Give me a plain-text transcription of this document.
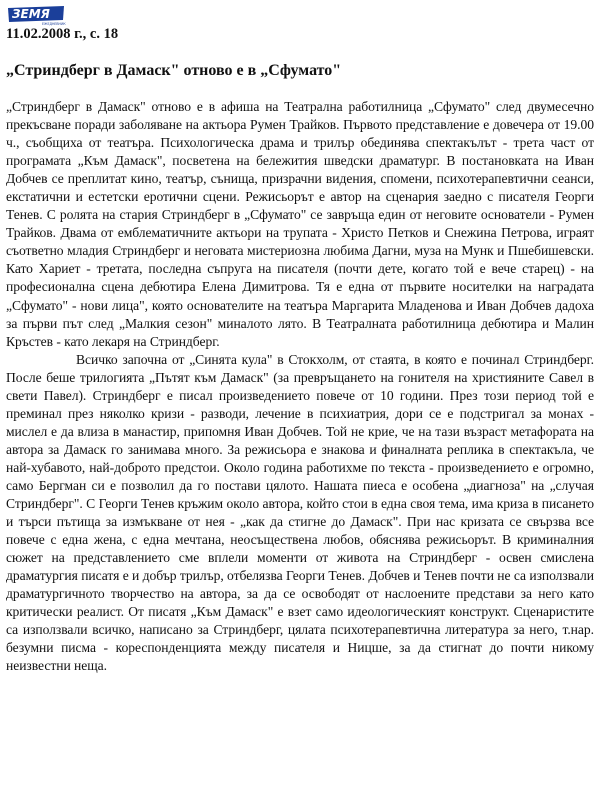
ЗЕМЯ
ЕЖЕДНЕВНИК
11.02.2008 г., с. 18
„Стриндберг в Дамаск" отново е в „Сфумато"

„Стриндберг в Дамаск" отново е в афиша на Театрална работилница „Сфумато" след двумесечно прекъсване поради заболяване на актьора Румен Трайков. Първото представление е довечера от 19.00 ч., съобщиха от театъра. Психологическа драма и трилър обединява спектакълът - трета част от програмата „Към Дамаск", посветена на бележития шведски драматург. В постановката на Иван Добчев се преплитат кино, театър, сънища, призрачни видения, спомени, психотерапевтични сеанси, екстатични и естетски еротични сцени. Режисьорът е автор на сценария заедно с писателя Георги Тенев. С ролята на стария Стриндберг в „Сфумато" се завръща един от неговите основатели - Румен Трайков. Двама от емблематичните актьори на трупата - Христо Петков и Снежина Петрова, играят съответно младия Стриндберг и неговата мистериозна любима Дагни, муза на Мунк и Пшебишевски. Като Хариет - третата, последна съпруга на писателя (почти дете, когато той е вече старец) - на професионална сцена дебютира Елена Димитрова. Тя е една от първите носителки на наградата „Сфумато" - нови лица", която основателите на театъра Маргарита Младенова и Иван Добчев дадоха за първи път след „Малкия сезон" миналото лято. В Театралната работилница дебютира и Малин Кръстев - като лекаря на Стриндберг.

Всичко започна от „Синята кула" в Стокхолм, от стаята, в която е починал Стриндберг. После беше трилогията „Пътят към Дамаск" (за превръщането на гонителя на християните Савел в свети Павел). Стриндберг е писал произведението повече от 10 години. През този период той е преминал през няколко кризи - разводи, лечение в психиатрия, дори се е подстригал за монах - мислел е да влиза в манастир, припомня Иван Добчев. Той не крие, че на тази възраст метафората на автора за Дамаск го занимава много. За режисьора е знакова и финалната реплика в спектакъла, че най-хубавото, най-доброто предстои. Около година работихме по текста - произведението е огромно, само Бергман си е позволил да го постави цялото. Нашата пиеса е особена „диагноза" на „случая Стриндберг". С Георги Тенев кръжим около автора, който стои в една своя тема, има криза в писането и търси пътища за измъкване от нея - „как да стигне до Дамаск". При нас кризата се свързва все повече с една жена, с една мечтана, неосъществена любов, обяснява режисьорът. В криминалния сюжет на представлението сме вплели моменти от живота на Стриндберг - освен смислена драматургия писатя е и добър трилър, отбелязва Георги Тенев. Добчев и Тенев почти не са използвали драматургичното творчество на автора, за да се освободят от наслоените представи за него като критически реалист. От писатя „Към Дамаск" е взет само идеологическият конструкт. Сценаристите са използвали всичко, написано за Стриндберг, цялата психотерапевтична литература за него, т.нар. безумни писма - кореспонденцията между писателя и Ницше, за да стигнат до почти никому неизвестни неща.
